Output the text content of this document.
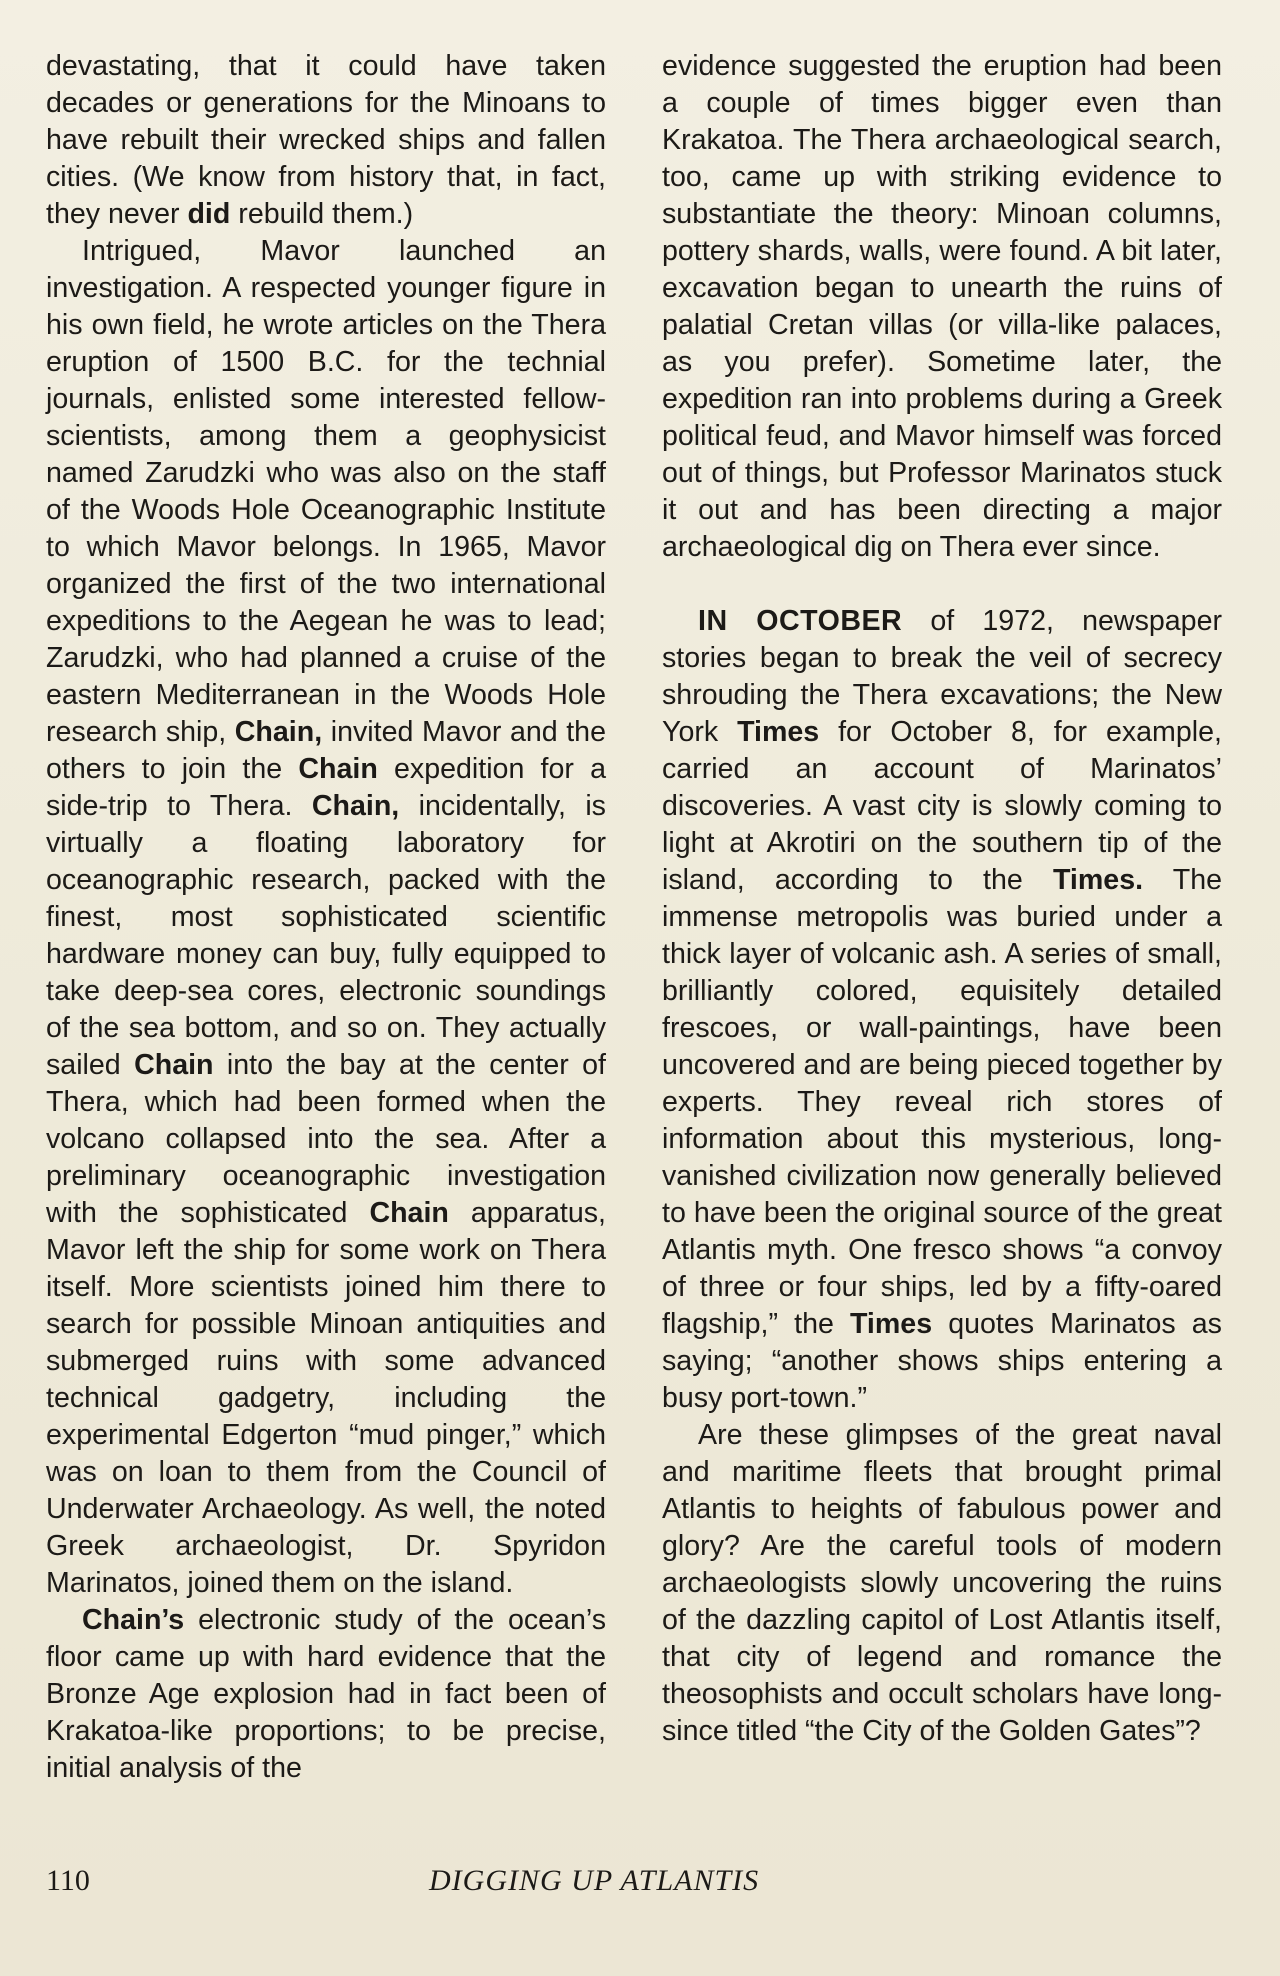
devastating, that it could have taken decades or generations for the Minoans to have rebuilt their wrecked ships and fallen cities. (We know from history that, in fact, they never did rebuild them.)

Intrigued, Mavor launched an investigation. A respected younger figure in his own field, he wrote articles on the Thera eruption of 1500 B.C. for the technial journals, enlisted some interested fellow-scientists, among them a geophysicist named Zarudzki who was also on the staff of the Woods Hole Oceanographic Institute to which Mavor belongs. In 1965, Mavor organized the first of the two international expeditions to the Aegean he was to lead; Zarudzki, who had planned a cruise of the eastern Mediterranean in the Woods Hole research ship, Chain, invited Mavor and the others to join the Chain expedition for a side-trip to Thera. Chain, incidentally, is virtually a floating laboratory for oceanographic research, packed with the finest, most sophisticated scientific hardware money can buy, fully equipped to take deep-sea cores, electronic soundings of the sea bottom, and so on. They actually sailed Chain into the bay at the center of Thera, which had been formed when the volcano collapsed into the sea. After a preliminary oceanographic investigation with the sophisticated Chain apparatus, Mavor left the ship for some work on Thera itself. More scientists joined him there to search for possible Minoan antiquities and submerged ruins with some advanced technical gadgetry, including the experimental Edgerton “mud pinger,” which was on loan to them from the Council of Underwater Archaeology. As well, the noted Greek archaeologist, Dr. Spyridon Marinatos, joined them on the island.

Chain’s electronic study of the ocean’s floor came up with hard evidence that the Bronze Age explosion had in fact been of Krakatoa-like proportions; to be precise, initial analysis of the

evidence suggested the eruption had been a couple of times bigger even than Krakatoa. The Thera archaeological search, too, came up with striking evidence to substantiate the theory: Minoan columns, pottery shards, walls, were found. A bit later, excavation began to unearth the ruins of palatial Cretan villas (or villa-like palaces, as you prefer). Sometime later, the expedition ran into problems during a Greek political feud, and Mavor himself was forced out of things, but Professor Marinatos stuck it out and has been directing a major archaeological dig on Thera ever since.

IN OCTOBER of 1972, newspaper stories began to break the veil of secrecy shrouding the Thera excavations; the New York Times for October 8, for example, carried an account of Marinatos’ discoveries. A vast city is slowly coming to light at Akrotiri on the southern tip of the island, according to the Times. The immense metropolis was buried under a thick layer of volcanic ash. A series of small, brilliantly colored, equisitely detailed frescoes, or wall-paintings, have been uncovered and are being pieced together by experts. They reveal rich stores of information about this mysterious, long-vanished civilization now generally believed to have been the original source of the great Atlantis myth. One fresco shows “a convoy of three or four ships, led by a fifty-oared flagship,” the Times quotes Marinatos as saying; “another shows ships entering a busy port-town.”

Are these glimpses of the great naval and maritime fleets that brought primal Atlantis to heights of fabulous power and glory? Are the careful tools of modern archaeologists slowly uncovering the ruins of the dazzling capitol of Lost Atlantis itself, that city of legend and romance the theosophists and occult scholars have long-since titled “the City of the Golden Gates”?

110	DIGGING UP ATLANTIS
